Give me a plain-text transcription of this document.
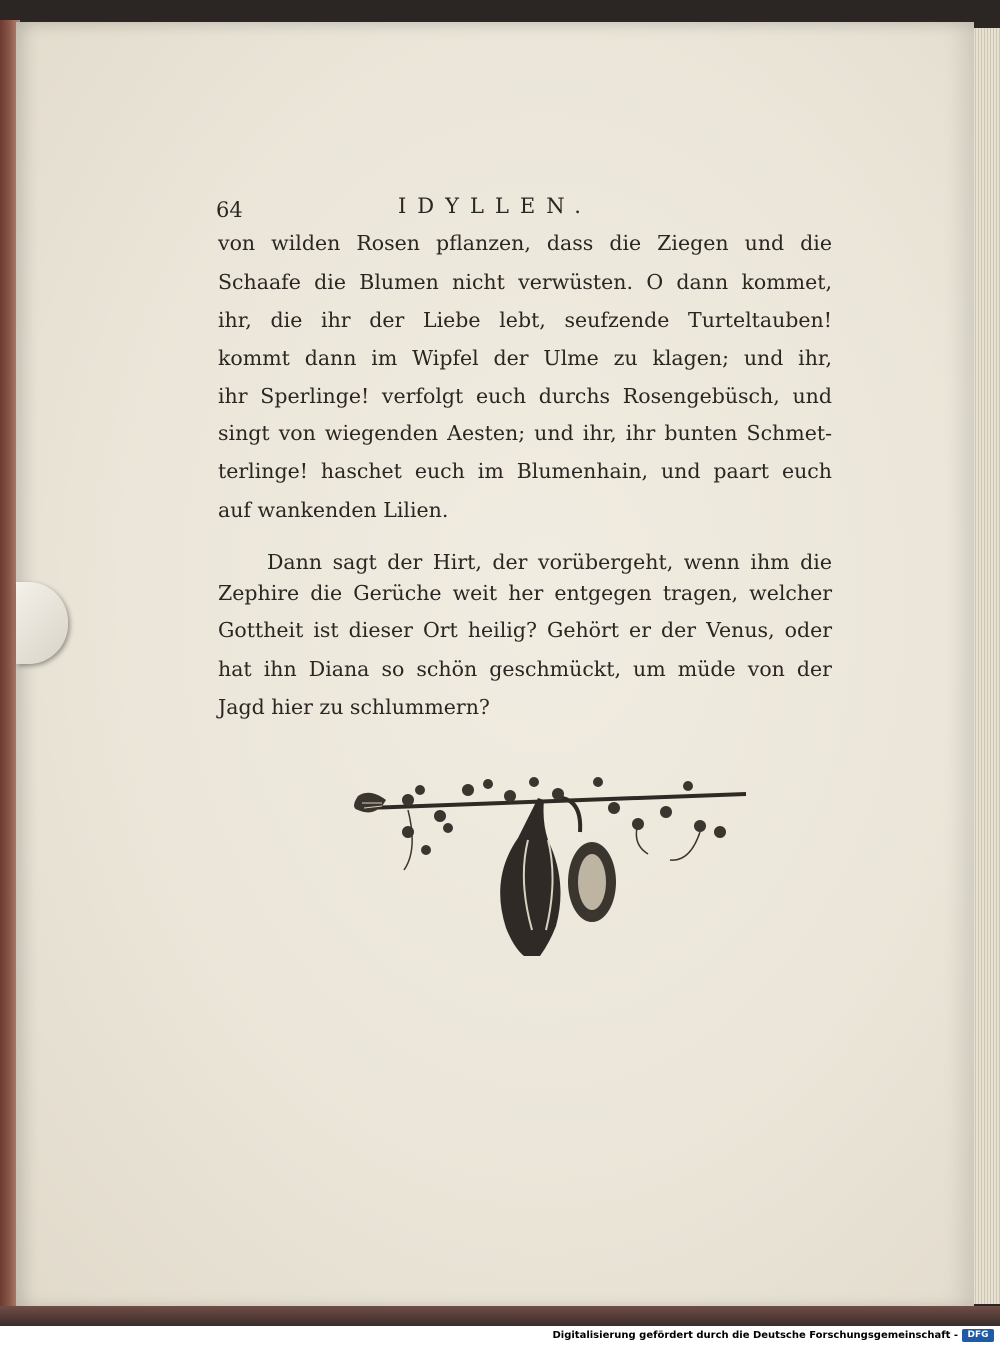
64	IDYLLEN.
von wilden Rosen pflanzen, dass die Ziegen und die
Schaafe die Blumen nicht verwüsten. O dann kommet,
ihr, die ihr der Liebe lebt, seufzende Turteltauben!
kommt dann im Wipfel der Ulme zu klagen; und ihr,
ihr Sperlinge! verfolgt euch durchs Rosengebüsch, und
singt von wiegenden Aesten; und ihr, ihr bunten Schmet-
terlinge! haschet euch im Blumenhain, und paart euch
auf wankenden Lilien.
Dann sagt der Hirt, der vorübergeht, wenn ihm die
Zephire die Gerüche weit her entgegen tragen, welcher
Gottheit ist dieser Ort heilig? Gehört er der Venus, oder
hat ihn Diana so schön geschmückt, um müde von der
Jagd hier zu schlummern?
Digitalisierung gefördert durch die Deutsche Forschungsgemeinschaft -	DFG
